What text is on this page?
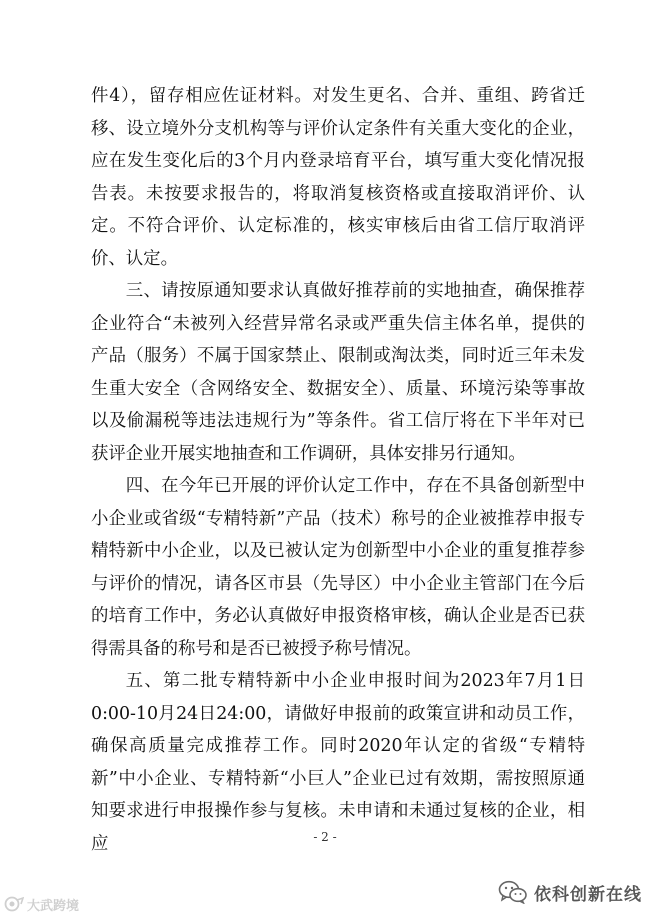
件4），留存相应佐证材料。对发生更名、合并、重组、跨省迁移、设立境外分支机构等与评价认定条件有关重大变化的企业，应在发生变化后的3个月内登录培育平台，填写重大变化情况报告表。未按要求报告的，将取消复核资格或直接取消评价、认定。不符合评价、认定标准的，核实审核后由省工信厅取消评价、认定。

三、请按原通知要求认真做好推荐前的实地抽查，确保推荐企业符合“未被列入经营异常名录或严重失信主体名单，提供的产品（服务）不属于国家禁止、限制或淘汰类，同时近三年未发生重大安全（含网络安全、数据安全）、质量、环境污染等事故以及偷漏税等违法违规行为”等条件。省工信厅将在下半年对已获评企业开展实地抽查和工作调研，具体安排另行通知。

四、在今年已开展的评价认定工作中，存在不具备创新型中小企业或省级“专精特新”产品（技术）称号的企业被推荐申报专精特新中小企业，以及已被认定为创新型中小企业的重复推荐参与评价的情况，请各区市县（先导区）中小企业主管部门在今后的培育工作中，务必认真做好申报资格审核，确认企业是否已获得需具备的称号和是否已被授予称号情况。

五、第二批专精特新中小企业申报时间为2023年7月1日0:00-10月24日24:00，请做好申报前的政策宣讲和动员工作，确保高质量完成推荐工作。同时2020年认定的省级“专精特新”中小企业、专精特新“小巨人”企业已过有效期，需按照原通知要求进行申报操作参与复核。未申请和未通过复核的企业，相应	- 2 -
大武跨境
依科创新在线
